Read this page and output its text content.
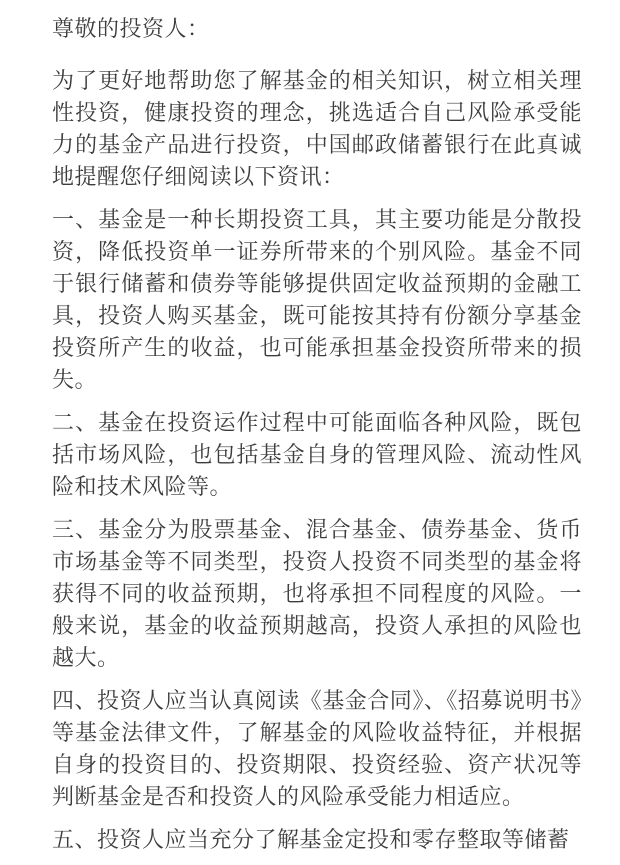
尊敬的投资人：
为了更好地帮助您了解基金的相关知识，树立相关理性投资，健康投资的理念，挑选适合自己风险承受能力的基金产品进行投资，中国邮政储蓄银行在此真诚地提醒您仔细阅读以下资讯：
一、基金是一种长期投资工具，其主要功能是分散投资，降低投资单一证券所带来的个别风险。基金不同于银行储蓄和债券等能够提供固定收益预期的金融工具，投资人购买基金，既可能按其持有份额分享基金投资所产生的收益，也可能承担基金投资所带来的损失。
二、基金在投资运作过程中可能面临各种风险，既包括市场风险，也包括基金自身的管理风险、流动性风险和技术风险等。
三、基金分为股票基金、混合基金、债券基金、货币市场基金等不同类型，投资人投资不同类型的基金将获得不同的收益预期，也将承担不同程度的风险。一般来说，基金的收益预期越高，投资人承担的风险也越大。
四、投资人应当认真阅读《基金合同》、《招募说明书》等基金法律文件，了解基金的风险收益特征，并根据自身的投资目的、投资期限、投资经验、资产状况等判断基金是否和投资人的风险承受能力相适应。
五、投资人应当充分了解基金定投和零存整取等储蓄
